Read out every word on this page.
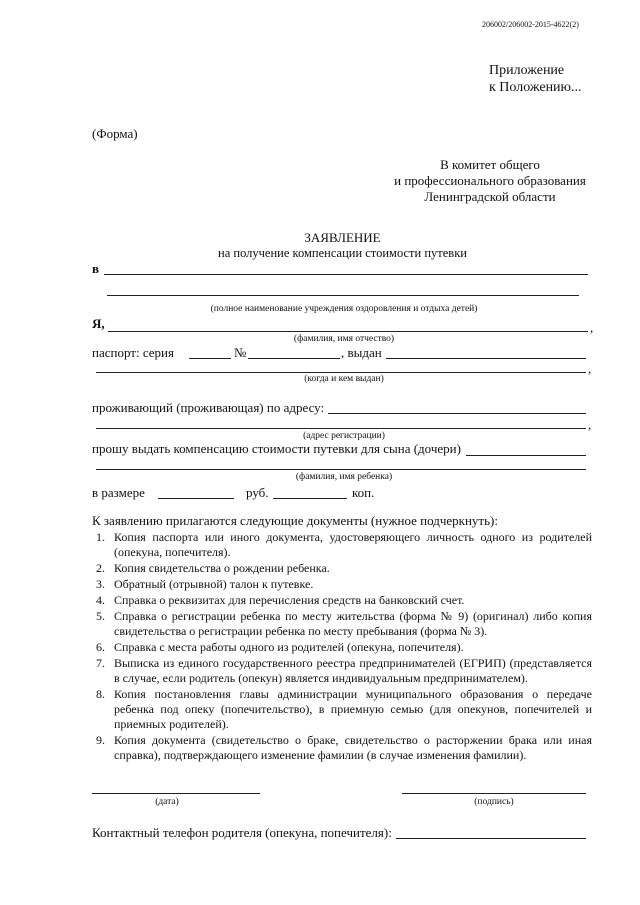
206002/206002-2015-4622(2)
Приложение
к Положению...
(Форма)
В комитет общего
и профессионального образования
Ленинградской области
ЗАЯВЛЕНИЕ
на получение компенсации стоимости путевки
в
(полное наименование учреждения оздоровления и отдыха детей)
Я,	,
(фамилия, имя отчество)
паспорт: серия	№	, выдан
,
(когда и кем выдан)
проживающий (проживающая) по адресу:
,
(адрес регистрации)
прошу выдать компенсацию стоимости путевки для сына (дочери)
(фамилия, имя ребенка)
в размере	руб.	коп.
К заявлению прилагаются следующие документы (нужное подчеркнуть):
1. Копия паспорта или иного документа, удостоверяющего личность одного из родителей (опекуна, попечителя).
2. Копия свидетельства о рождении ребенка.
3. Обратный (отрывной) талон к путевке.
4. Справка о реквизитах для перечисления средств на банковский счет.
5. Справка о регистрации ребенка по месту жительства (форма № 9) (оригинал) либо копия свидетельства о регистрации ребенка по месту пребывания (форма № 3).
6. Справка с места работы одного из родителей (опекуна, попечителя).
7. Выписка из единого государственного реестра предпринимателей (ЕГРИП) (представляется в случае, если родитель (опекун) является индивидуальным предпринимателем).
8. Копия постановления главы администрации муниципального образования о передаче ребенка под опеку (попечительство), в приемную семью (для опекунов, попечителей и приемных родителей).
9. Копия документа (свидетельство о браке, свидетельство о расторжении брака или иная справка), подтверждающего изменение фамилии (в случае изменения фамилии).
(дата)	(подпись)
Контактный телефон родителя (опекуна, попечителя):
